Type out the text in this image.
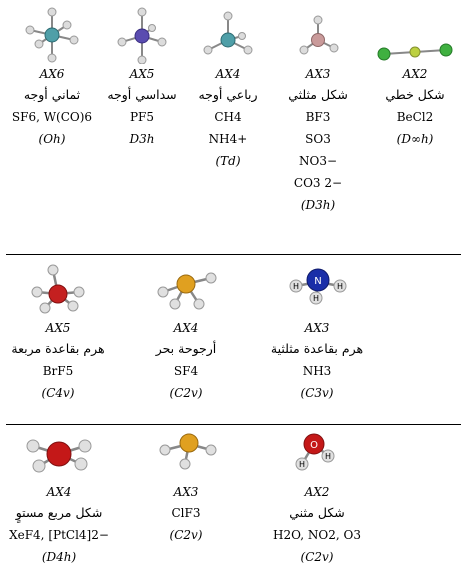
AX6
ثماني أوجه
SF6, W(CO)6
(Oh)
AX5
سداسي أوجه
PF5
D3h
AX4
رباعي أوجه
CH4
NH4+
(Td)
AX3
شكل مثلثي
BF3
SO3
NO3−
CO3 2−
(D3h)
AX2
شكل خطي
BeCl2
(D∞h)
AX5
هرم بقاعدة مربعة
BrF5
(C4v)
AX4
أرجوحة بحر
SF4
(C2v)
N
H	H
H
AX3
هرم بقاعدة مثلثية
NH3
(C3v)
AX4
شكل مربع مستوٍ
XeF4, [PtCl4]2−
(D4h)
AX3
ClF3
(C2v)
O
H
H
AX2
شكل مثني
H2O, NO2, O3
(C2v)
